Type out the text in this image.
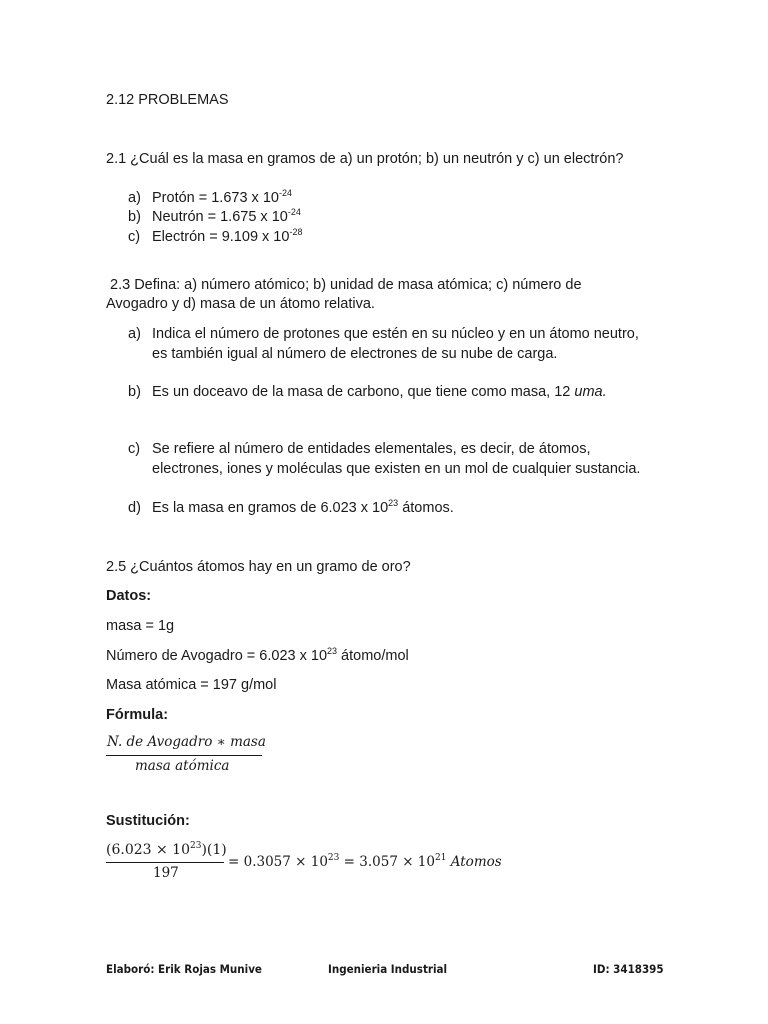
2.12 PROBLEMAS
2.1 ¿Cuál es la masa en gramos de a) un protón; b) un neutrón y c) un electrón?
a) Protón = 1.673 x $10^{-24}$
b) Neutrón = 1.675 x $10^{-24}$
c) Electrón = 9.109 x $10^{-28}$
2.3 Defina: a) número atómico; b) unidad de masa atómica; c) número de
Avogadro y d) masa de un átomo relativa.
a) Indica el número de protones que estén en su núcleo y en un átomo neutro,
es también igual al número de electrones de su nube de carga.
b) Es un doceavo de la masa de carbono, que tiene como masa, 12 uma.
c) Se refiere al número de entidades elementales, es decir, de átomos,
electrones, iones y moléculas que existen en un mol de cualquier sustancia.
d) Es la masa en gramos de 6.023 x $10^{23}$ átomos.
2.5 ¿Cuántos átomos hay en un gramo de oro?
Datos:
masa = 1g
Número de Avogadro = 6.023 x $10^{23}$ átomo/mol
Masa atómica = 197 g/mol
Fórmula:
N. de Avogadro ∗ masa
masa atómica
Sustitución:
$(6.023 \times 10^{23})(1)$
197
= $0.3057 \times 10^{23} = 3.057 \times 10^{21}$ Atomos
Elaboró: Erik Rojas Munive	Ingenieria Industrial	ID: 3418395
